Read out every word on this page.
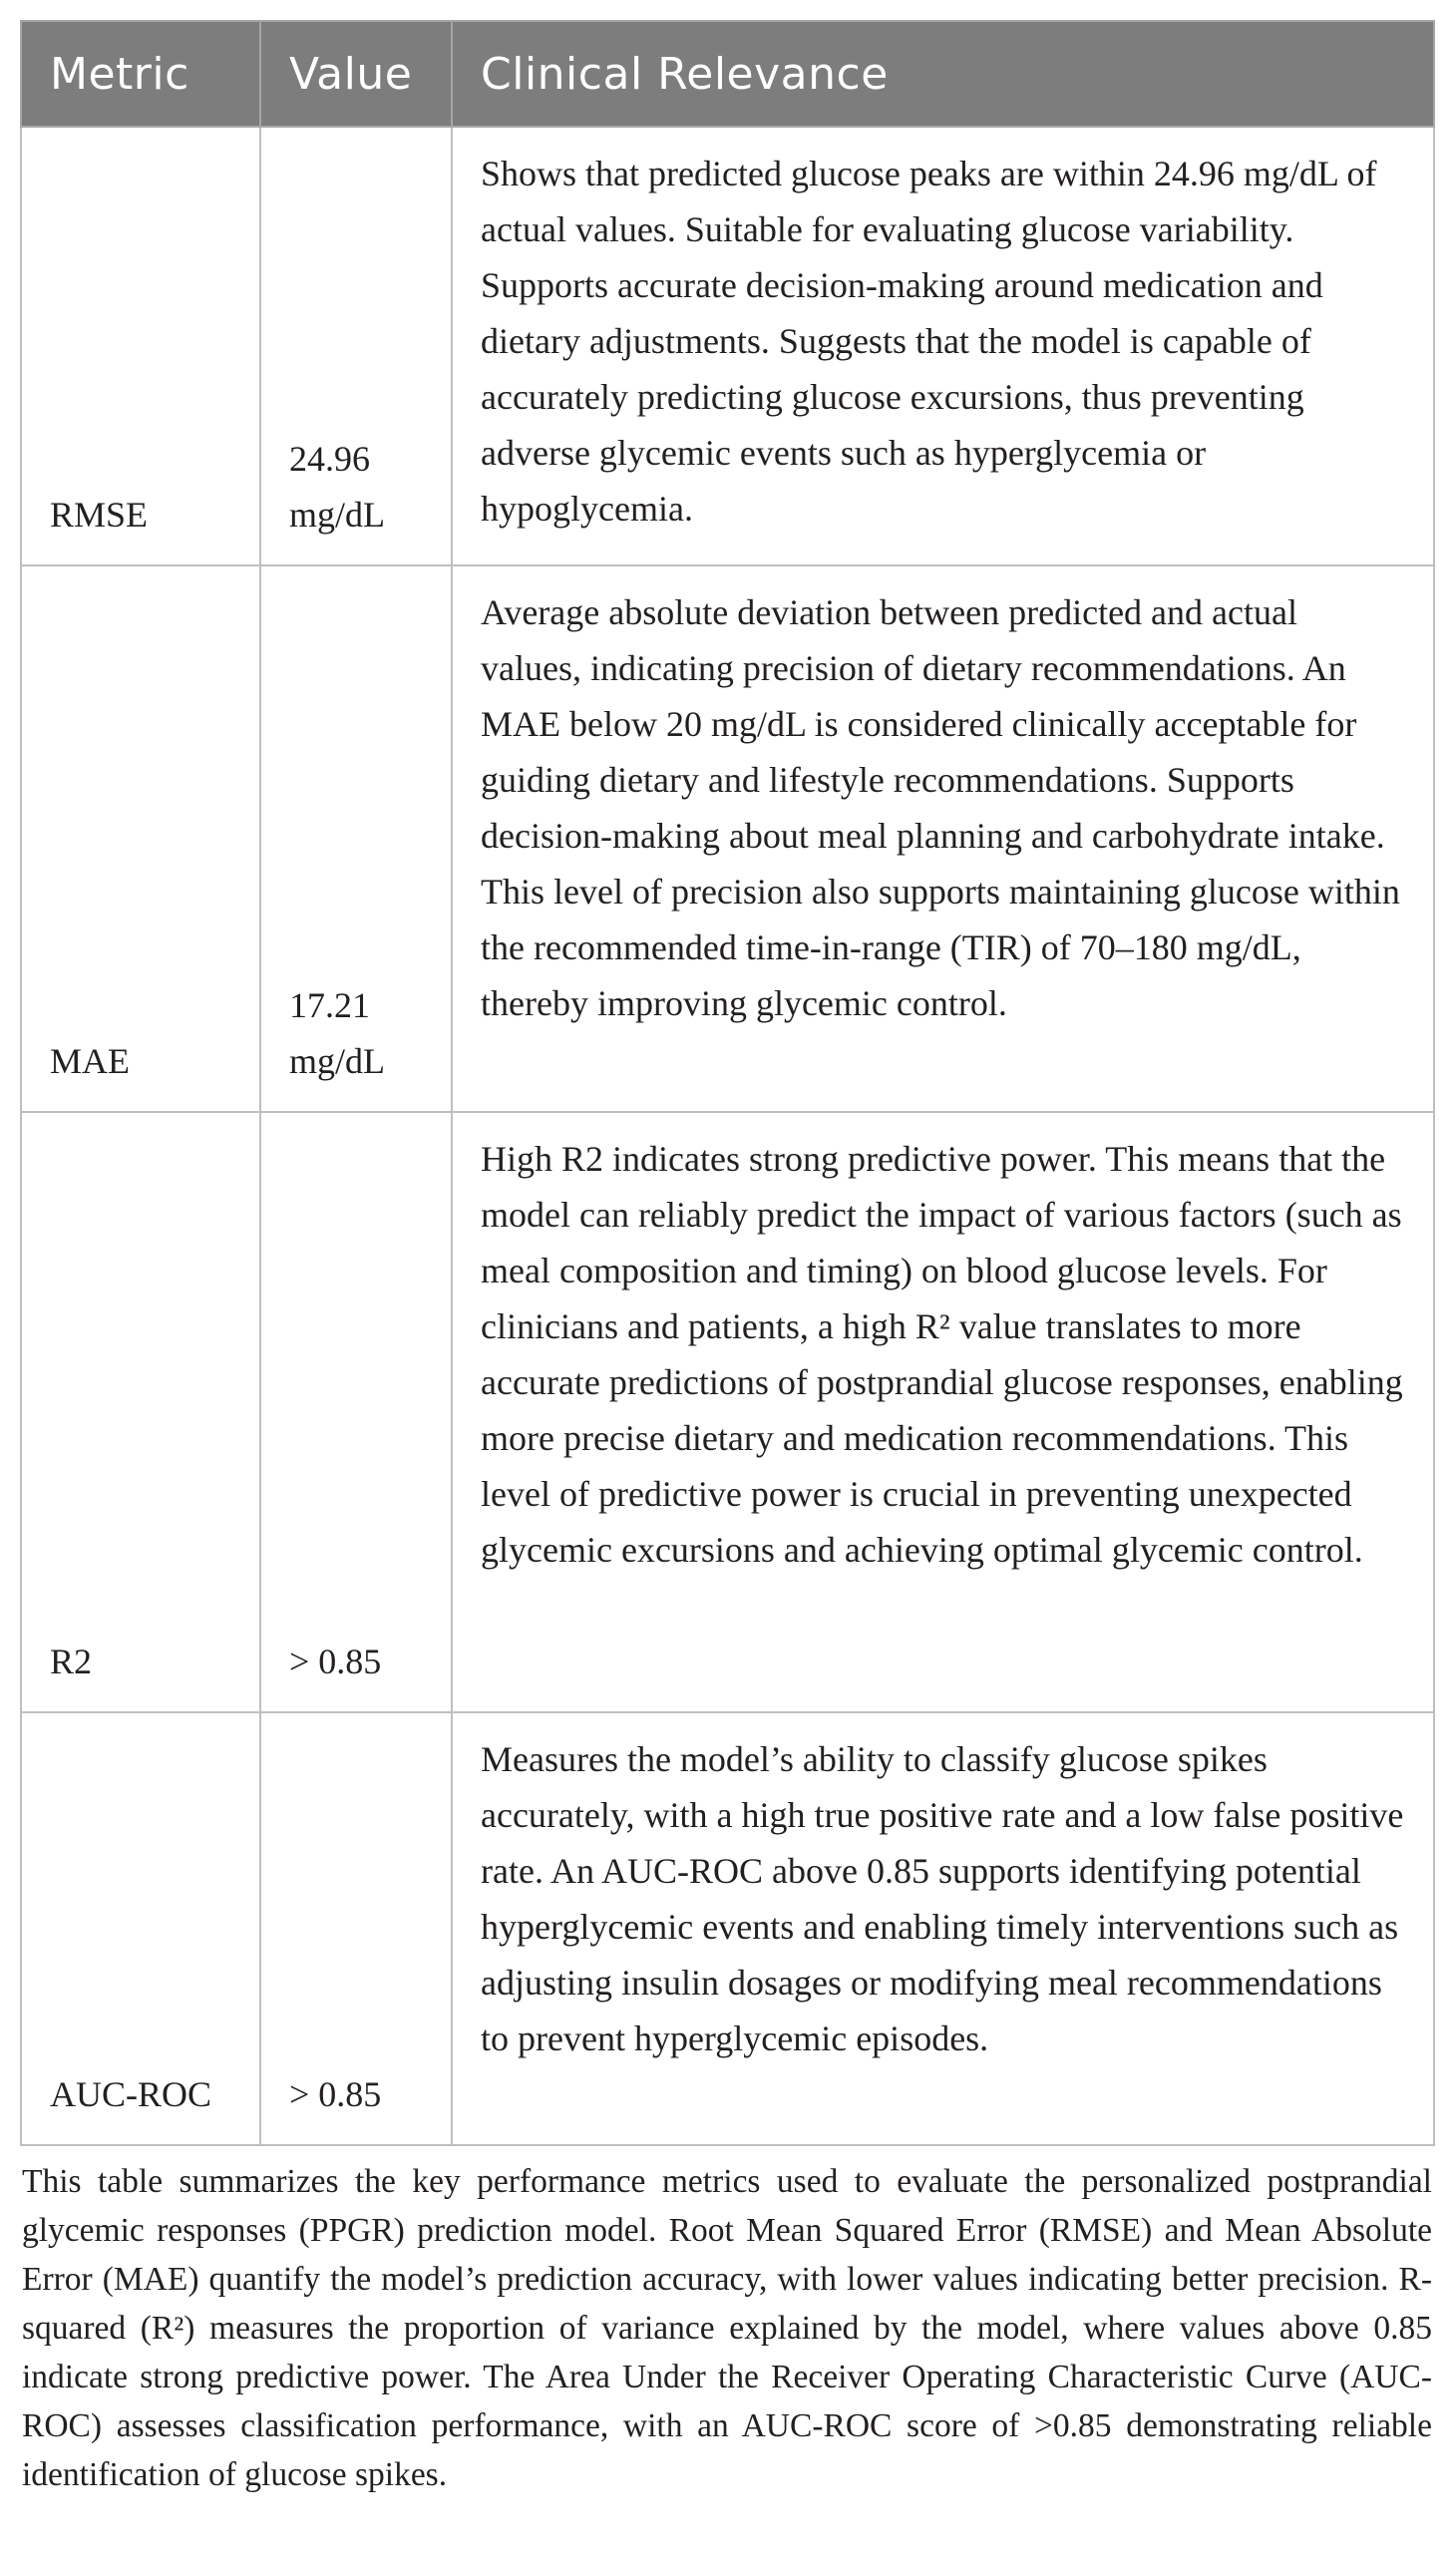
Metric	Value	Clinical Relevance
RMSE	24.96 mg/dL	Shows that predicted glucose peaks are within 24.96 mg/dL of actual values. Suitable for evaluating glucose variability. Supports accurate decision-making around medication and dietary adjustments. Suggests that the model is capable of accurately predicting glucose excursions, thus preventing adverse glycemic events such as hyperglycemia or hypoglycemia.
MAE	17.21 mg/dL	Average absolute deviation between predicted and actual values, indicating precision of dietary recommendations. An MAE below 20 mg/dL is considered clinically acceptable for guiding dietary and lifestyle recommendations. Supports decision-making about meal planning and carbohydrate intake. This level of precision also supports maintaining glucose within the recommended time-in-range (TIR) of 70–180 mg/dL, thereby improving glycemic control.
R2	> 0.85	High R2 indicates strong predictive power. This means that the model can reliably predict the impact of various factors (such as meal composition and timing) on blood glucose levels. For clinicians and patients, a high R² value translates to more accurate predictions of postprandial glucose responses, enabling more precise dietary and medication recommendations. This level of predictive power is crucial in preventing unexpected glycemic excursions and achieving optimal glycemic control.
AUC-ROC	> 0.85	Measures the model’s ability to classify glucose spikes accurately, with a high true positive rate and a low false positive rate. An AUC-ROC above 0.85 supports identifying potential hyperglycemic events and enabling timely interventions such as adjusting insulin dosages or modifying meal recommendations to prevent hyperglycemic episodes.

This table summarizes the key performance metrics used to evaluate the personalized postprandial glycemic responses (PPGR) prediction model. Root Mean Squared Error (RMSE) and Mean Absolute Error (MAE) quantify the model’s prediction accuracy, with lower values indicating better precision. R-squared (R²) measures the proportion of variance explained by the model, where values above 0.85 indicate strong predictive power. The Area Under the Receiver Operating Characteristic Curve (AUC-ROC) assesses classification performance, with an AUC-ROC score of >0.85 demonstrating reliable identification of glucose spikes.
